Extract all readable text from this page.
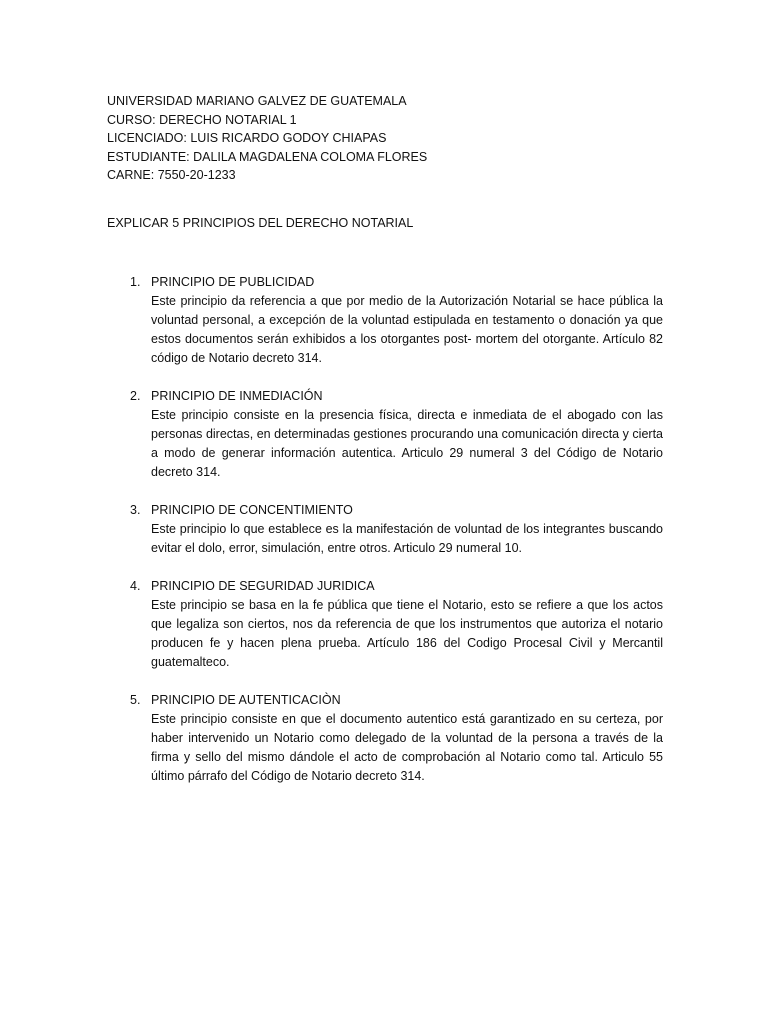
UNIVERSIDAD MARIANO GALVEZ DE GUATEMALA
CURSO: DERECHO NOTARIAL 1
LICENCIADO: LUIS RICARDO GODOY CHIAPAS
ESTUDIANTE: DALILA MAGDALENA COLOMA FLORES
CARNE: 7550-20-1233
EXPLICAR 5 PRINCIPIOS DEL DERECHO NOTARIAL
1. PRINCIPIO DE PUBLICIDAD
Este principio da referencia a que por medio de la Autorización Notarial se hace pública la voluntad personal, a excepción de la voluntad estipulada en testamento o donación ya que estos documentos serán exhibidos a los otorgantes post- mortem del otorgante. Artículo 82 código de Notario decreto 314.
2. PRINCIPIO DE INMEDIACIÓN
Este principio consiste en la presencia física, directa e inmediata de el abogado con las personas directas, en determinadas gestiones procurando una comunicación directa y cierta a modo de generar información autentica. Articulo 29 numeral 3 del Código de Notario decreto 314.
3. PRINCIPIO DE CONCENTIMIENTO
Este principio lo que establece es la manifestación de voluntad de los integrantes buscando evitar el dolo, error, simulación, entre otros. Articulo 29 numeral 10.
4. PRINCIPIO DE SEGURIDAD JURIDICA
Este principio se basa en la fe pública que tiene el Notario, esto se refiere a que los actos que legaliza son ciertos, nos da referencia de que los instrumentos que autoriza el notario producen fe y hacen plena prueba. Artículo 186 del Codigo Procesal Civil y Mercantil guatemalteco.
5. PRINCIPIO DE AUTENTICACIÒN
Este principio consiste en que el documento autentico está garantizado en su certeza, por haber intervenido un Notario como delegado de la voluntad de la persona a través de la firma y sello del mismo dándole el acto de comprobación al Notario como tal. Articulo 55 último párrafo del Código de Notario decreto 314.
